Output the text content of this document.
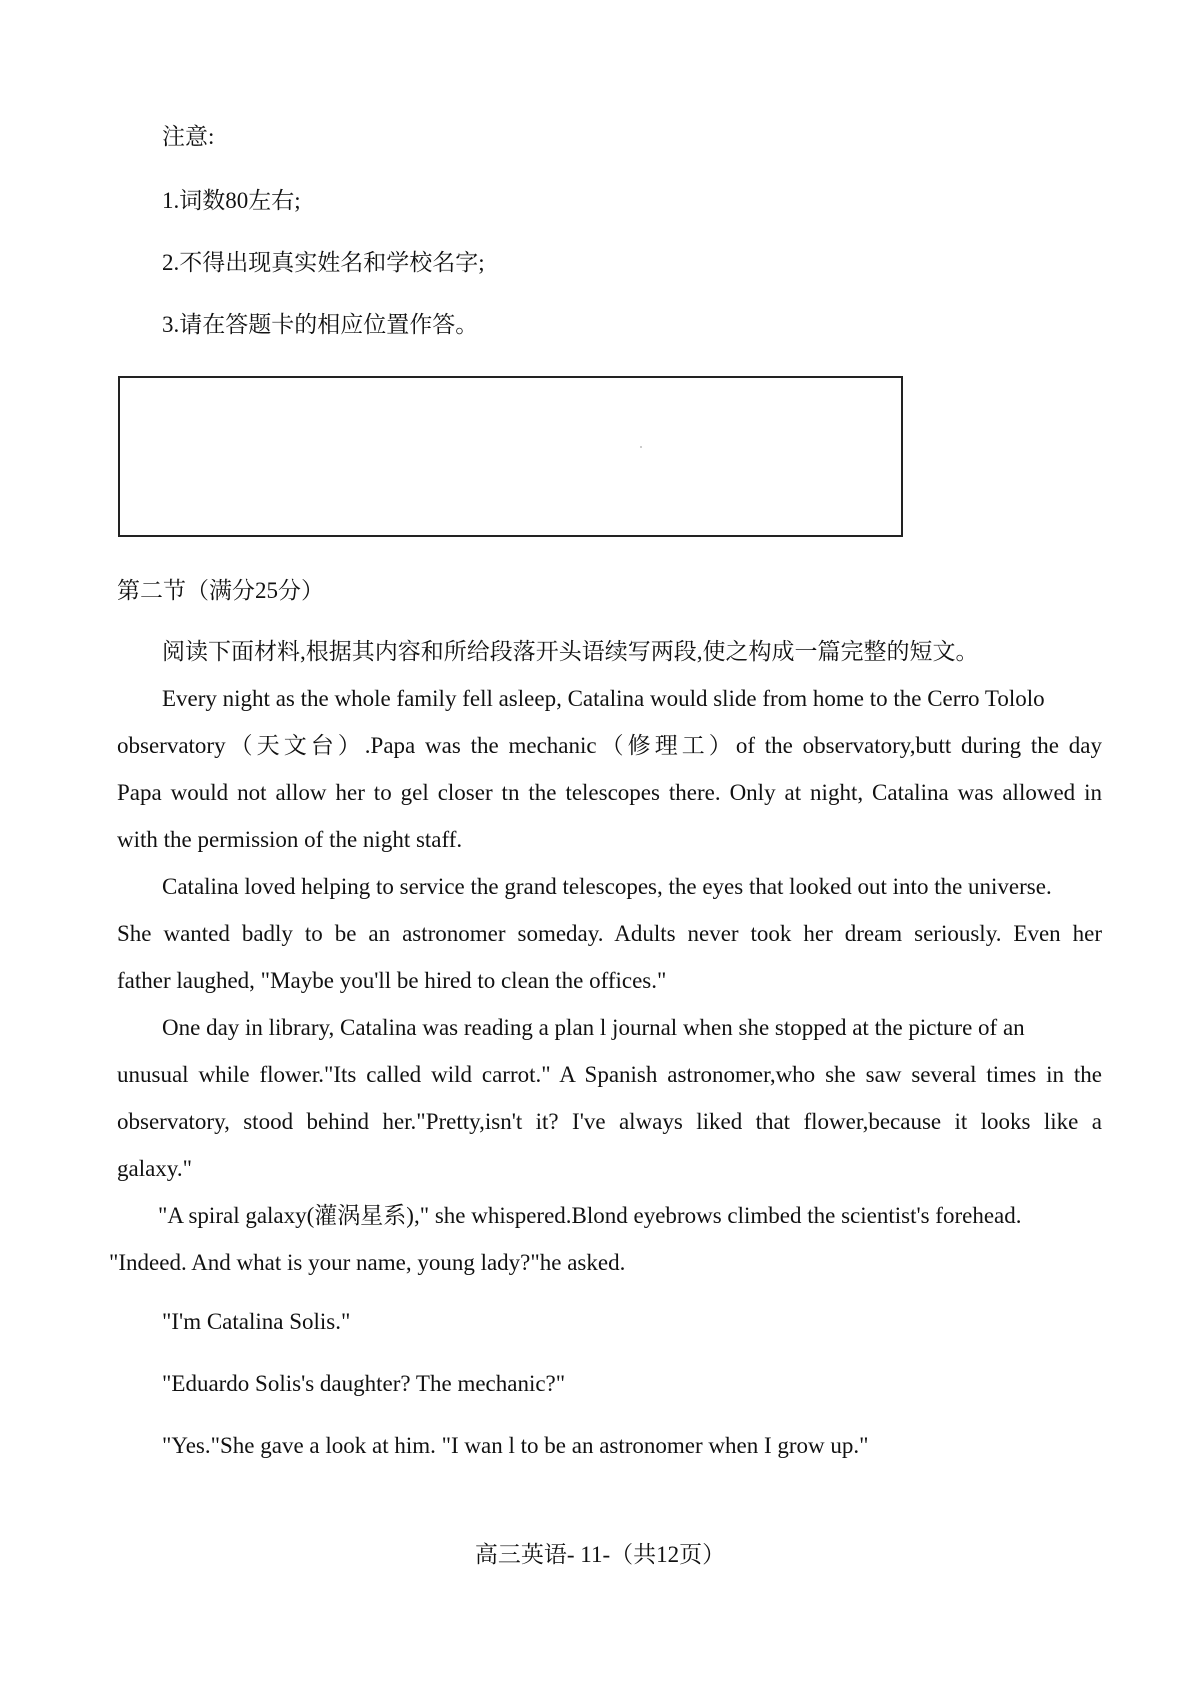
注意:
1.词数80左右;
2.不得出现真实姓名和学校名字;
3.请在答题卡的相应位置作答。
第二节（满分25分）
阅读下面材料,根据其内容和所给段落开头语续写两段,使之构成一篇完整的短文。
Every night as the whole family fell asleep, Catalina would slide from home to the Cerro Tololo
observatory（天文台）.Papa was the mechanic（修理工）of the observatory,butt during the day
Papa would not allow her to gel closer tn the telescopes there. Only at night, Catalina was allowed in
with the permission of the night staff.
Catalina loved helping to service the grand telescopes, the eyes that looked out into the universe.
She wanted badly to be an astronomer someday. Adults never took her dream seriously. Even her
father laughed, "Maybe you'll be hired to clean the offices."
One day in library, Catalina was reading a plan l journal when she stopped at the picture of an
unusual while flower."Its called wild carrot." A Spanish astronomer,who she saw several times in the
observatory, stood behind her."Pretty,isn't it? I've always liked that flower,because it looks like a
galaxy."
"A spiral galaxy(灌涡星系)," she whispered.Blond eyebrows climbed the scientist's forehead.
"Indeed. And what is your name, young lady?"he asked.
"I'm Catalina Solis."
"Eduardo Solis's daughter? The mechanic?"
"Yes."She gave a look at him. "I wan l to be an astronomer when I grow up."
高三英语- 11-（共12页）
